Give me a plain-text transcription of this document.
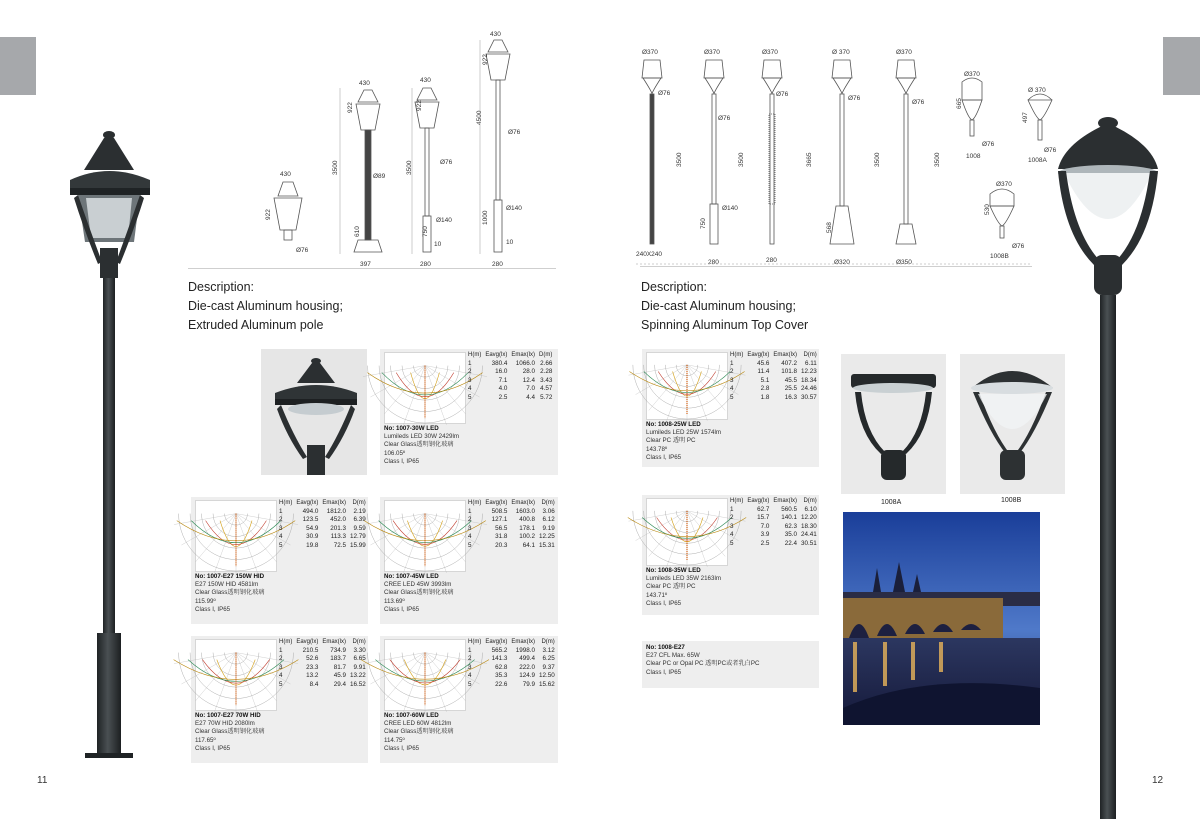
11	12
430
922
Ø76
430
922
3500
Ø89
610
397
430
922
3500	Ø76
Ø140
750
10
280
430
922
4500
Ø76
Ø140
1000
10
280
Description:
Die-cast Aluminum housing;
Extruded Aluminum pole
H(m)	Eavg(lx)	Emax(lx)	D(m)
1	380.4	1066.0	2.66
2	16.0	28.0	2.28
3	7.1	12.4	3.43
4	4.0	7.0	4.57
5	2.5	4.4	5.72
No: 1007-30W LED
Lumileds LED 30W 2429lm
Clear Glass透明钢化玻璃
106.05º
Class I, IP65
H(m)	Eavg(lx)	Emax(lx)	D(m)
1	494.0	1812.0	2.19
2	123.5	452.0	6.39
3	54.9	201.3	9.59
4	30.9	113.3	12.79
5	19.8	72.5	15.99
No: 1007-E27 150W HID
E27 150W HID 4581lm
Clear Glass透明钢化玻璃
115.99º
Class I, IP65
H(m)	Eavg(lx)	Emax(lx)	D(m)
1	508.5	1603.0	3.06
2	127.1	400.8	6.12
3	56.5	178.1	9.19
4	31.8	100.2	12.25
5	20.3	64.1	15.31
No: 1007-45W LED
CREE LED 45W 3993lm
Clear Glass透明钢化玻璃
113.69º
Class I, IP65
H(m)	Eavg(lx)	Emax(lx)	D(m)
1	210.5	734.9	3.30
2	52.6	183.7	6.65
3	23.3	81.7	9.91
4	13.2	45.9	13.22
5	8.4	29.4	16.52
No: 1007-E27 70W HID
E27 70W HID 2080lm
Clear Glass透明钢化玻璃
117.65º
Class I, IP65
H(m)	Eavg(lx)	Emax(lx)	D(m)
1	565.2	1998.0	3.12
2	141.3	499.4	6.25
3	62.8	222.0	9.37
4	35.3	124.9	12.50
5	22.6	79.9	15.62
No: 1007-60W LED
CREE LED 60W 4812lm
Clear Glass透明钢化玻璃
114.75º
Class I, IP65
Ø370	Ø370	Ø370	Ø 370	Ø370
Ø76
Ø76
Ø76
Ø76
Ø76
3500	3500	3665	3500	3500
750
Ø140
568
240X240
280	280	Ø320	Ø350
Ø370
665
Ø76
1008
Ø 370
497
Ø76
1008A
Ø370
530
Ø76
1008B
Description:
Die-cast Aluminum housing;
Spinning Aluminum Top Cover
H(m)	Eavg(lx)	Emax(lx)	D(m)
1	45.6	407.2	6.11
2	11.4	101.8	12.23
3	5.1	45.5	18.34
4	2.8	25.5	24.46
5	1.8	16.3	30.57
No: 1008-25W LED
Lumileds LED 25W 1574lm
Clear PC 透明 PC
143.78º
Class I, IP65
H(m)	Eavg(lx)	Emax(lx)	D(m)
1	62.7	560.5	6.10
2	15.7	140.1	12.20
3	7.0	62.3	18.30
4	3.9	35.0	24.41
5	2.5	22.4	30.51
No: 1008-35W LED
Lumileds LED 35W 2163lm
Clear PC 透明 PC
143.71º
Class I, IP65
No: 1008-E27
E27 CFL Max. 65W
Clear PC or Opal PC 透明PC或者乳白PC
Class I, IP65
1008A	1008B
